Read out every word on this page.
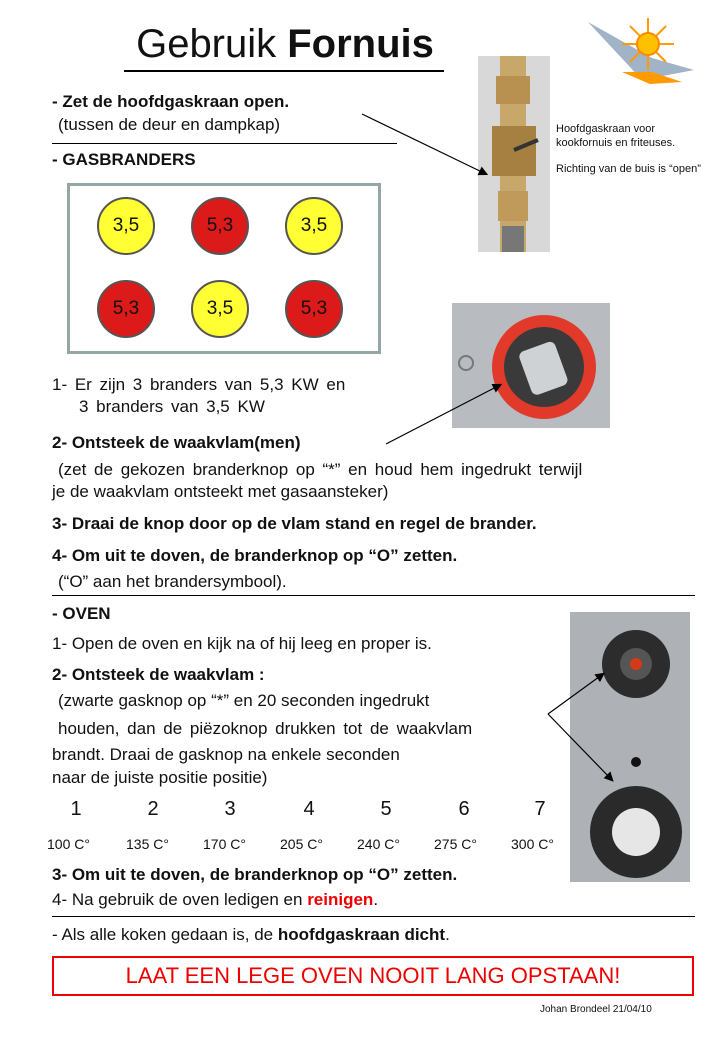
Gebruik Fornuis
- Zet de hoofdgaskraan open.
(tussen de deur en dampkap)	Hoofdgaskraan voor kookfornuis en friteuses.
Richting van de buis is “open”
- GASBRANDERS
3,5	5,3	3,5
5,3	3,5	5,3
1- Er zijn 3 branders van 5,3 KW en
3 branders van 3,5 KW
2- Ontsteek de waakvlam(men)
(zet de gekozen branderknop op “*” en houd hem ingedrukt terwijl
je de waakvlam ontsteekt met gasaansteker)
3- Draai de knop door op de vlam stand en regel de brander.
4- Om uit te doven, de branderknop op “O” zetten.
(“O” aan het brandersymbool).
- OVEN
1- Open de oven en kijk na of hij leeg en proper is.
2- Ontsteek de waakvlam :
(zwarte gasknop op “*” en 20 seconden ingedrukt
houden, dan de piëzoknop drukken tot de waakvlam
brandt. Draai de gasknop na enkele seconden
naar de juiste positie positie)
1	2	3	4	5	6	7
100 C°	135 C° 170 C° 205 C° 240 C° 275 C° 300 C°
3- Om uit te doven, de branderknop op “O” zetten.
4- Na gebruik de oven ledigen en reinigen.
- Als alle koken gedaan is, de hoofdgaskraan dicht.
LAAT EEN LEGE OVEN NOOIT LANG OPSTAAN!
Johan Brondeel 21/04/10
